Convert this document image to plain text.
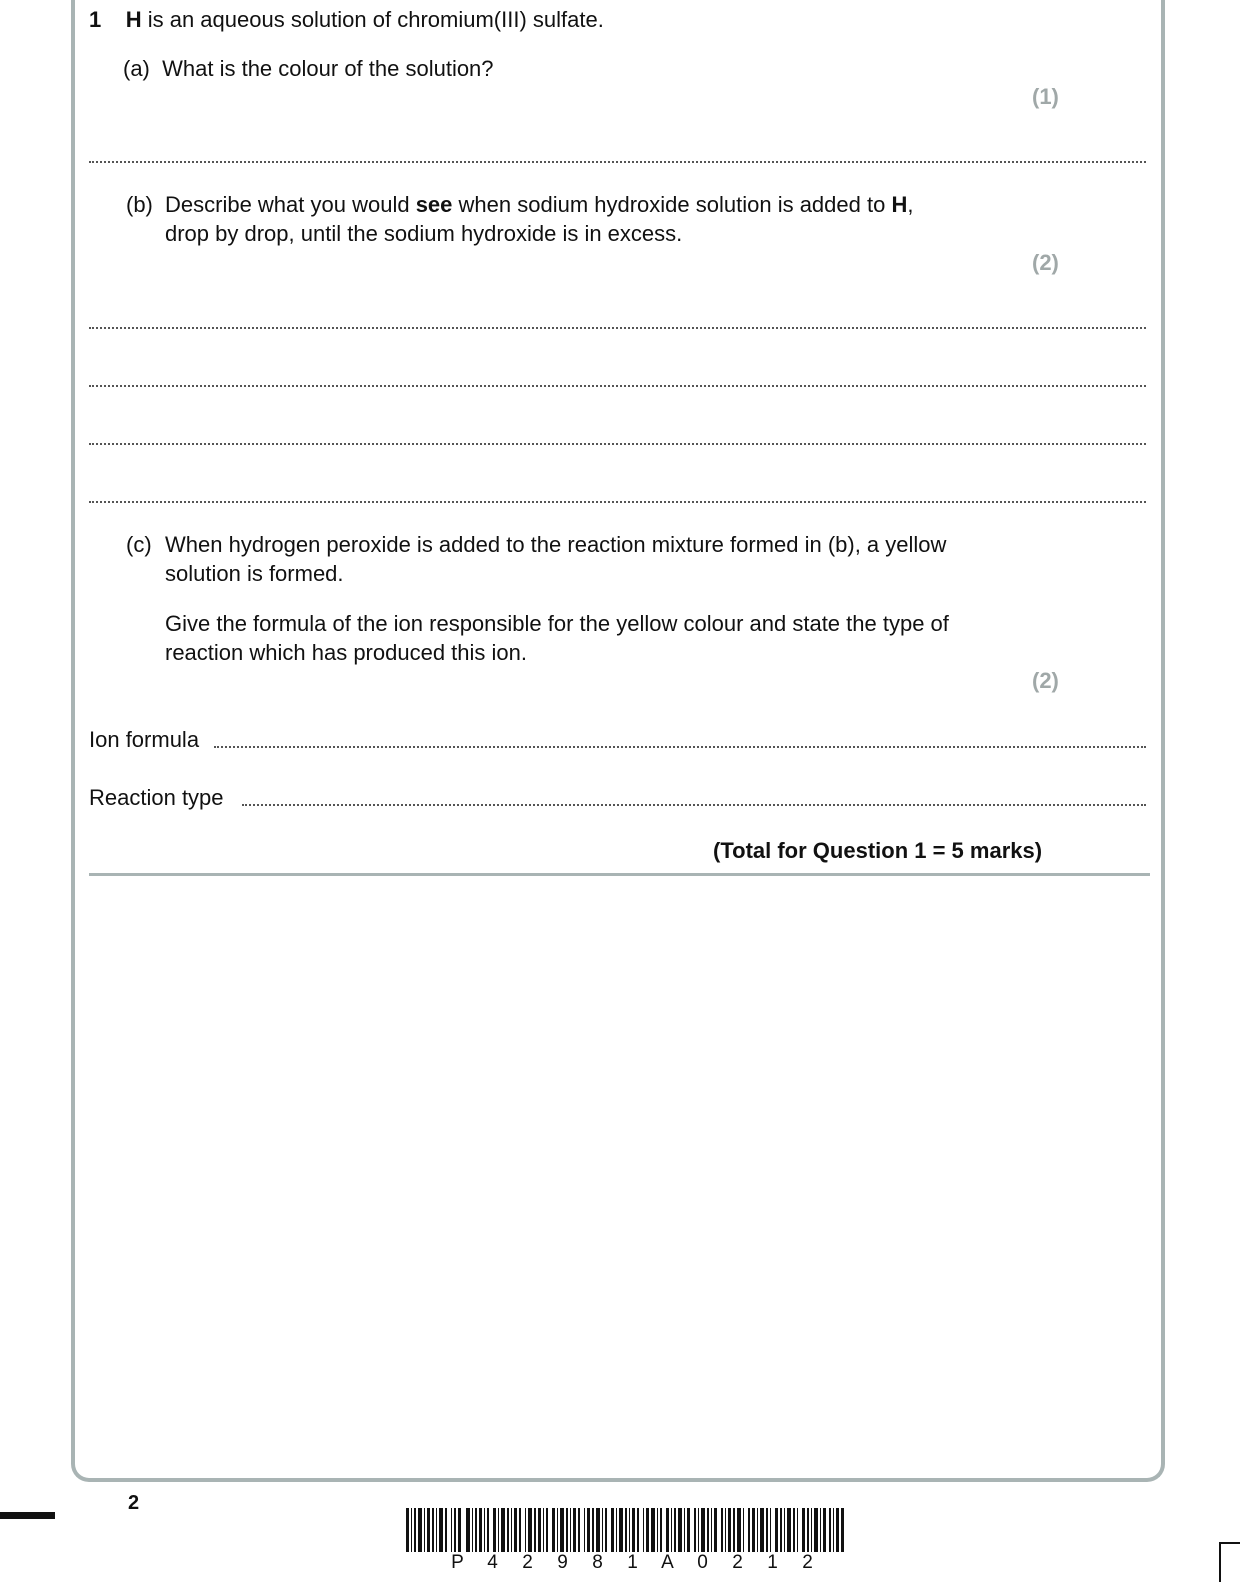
1 H is an aqueous solution of chromium(III) sulfate.
(a) What is the colour of the solution?
(1)
(b) Describe what you would see when sodium hydroxide solution is added to H,
drop by drop, until the sodium hydroxide is in excess.
(2)
(c) When hydrogen peroxide is added to the reaction mixture formed in (b), a yellow
solution is formed.
Give the formula of the ion responsible for the yellow colour and state the type of
reaction which has produced this ion.
(2)
Ion formula
Reaction type
(Total for Question 1 = 5 marks)
2
P 4 2 9 8 1 A 0 2 1 2
